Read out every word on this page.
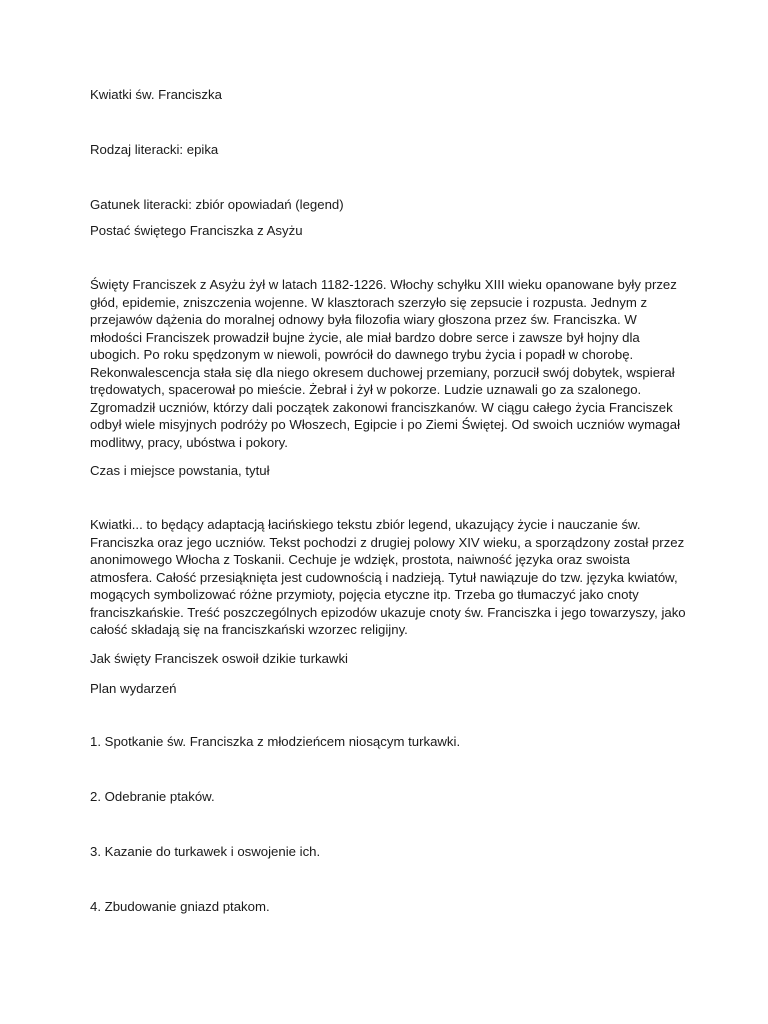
Kwiatki św. Franciszka

Rodzaj literacki: epika

Gatunek literacki: zbiór opowiadań (legend)

Postać świętego Franciszka z Asyżu

Święty Franciszek z Asyżu żył w latach 1182-1226. Włochy schyłku XIII wieku opanowane były przez
głód, epidemie, zniszczenia wojenne. W klasztorach szerzyło się zepsucie i rozpusta. Jednym z
przejawów dążenia do moralnej odnowy była filozofia wiary głoszona przez św. Franciszka. W
młodości Franciszek prowadził bujne życie, ale miał bardzo dobre serce i zawsze był hojny dla
ubogich. Po roku spędzonym w niewoli, powrócił do dawnego trybu życia i popadł w chorobę.
Rekonwalescencja stała się dla niego okresem duchowej przemiany, porzucił swój dobytek, wspierał
trędowatych, spacerował po mieście. Żebrał i żył w pokorze. Ludzie uznawali go za szalonego.
Zgromadził uczniów, którzy dali początek zakonowi franciszkanów. W ciągu całego życia Franciszek
odbył wiele misyjnych podróży po Włoszech, Egipcie i po Ziemi Świętej. Od swoich uczniów wymagał
modlitwy, pracy, ubóstwa i pokory.

Czas i miejsce powstania, tytuł

Kwiatki... to będący adaptacją łacińskiego tekstu zbiór legend, ukazujący życie i nauczanie św.
Franciszka oraz jego uczniów. Tekst pochodzi z drugiej polowy XIV wieku, a sporządzony został przez
anonimowego Włocha z Toskanii. Cechuje je wdzięk, prostota, naiwność języka oraz swoista
atmosfera. Całość przesiąknięta jest cudownością i nadzieją. Tytuł nawiązuje do tzw. języka kwiatów,
mogących symbolizować różne przymioty, pojęcia etyczne itp. Trzeba go tłumaczyć jako cnoty
franciszkańskie. Treść poszczególnych epizodów ukazuje cnoty św. Franciszka i jego towarzyszy, jako
całość składają się na franciszkański wzorzec religijny.

Jak święty Franciszek oswoił dzikie turkawki

Plan wydarzeń

1. Spotkanie św. Franciszka z młodzieńcem niosącym turkawki.

2. Odebranie ptaków.

3. Kazanie do turkawek i oswojenie ich.

4. Zbudowanie gniazd ptakom.
